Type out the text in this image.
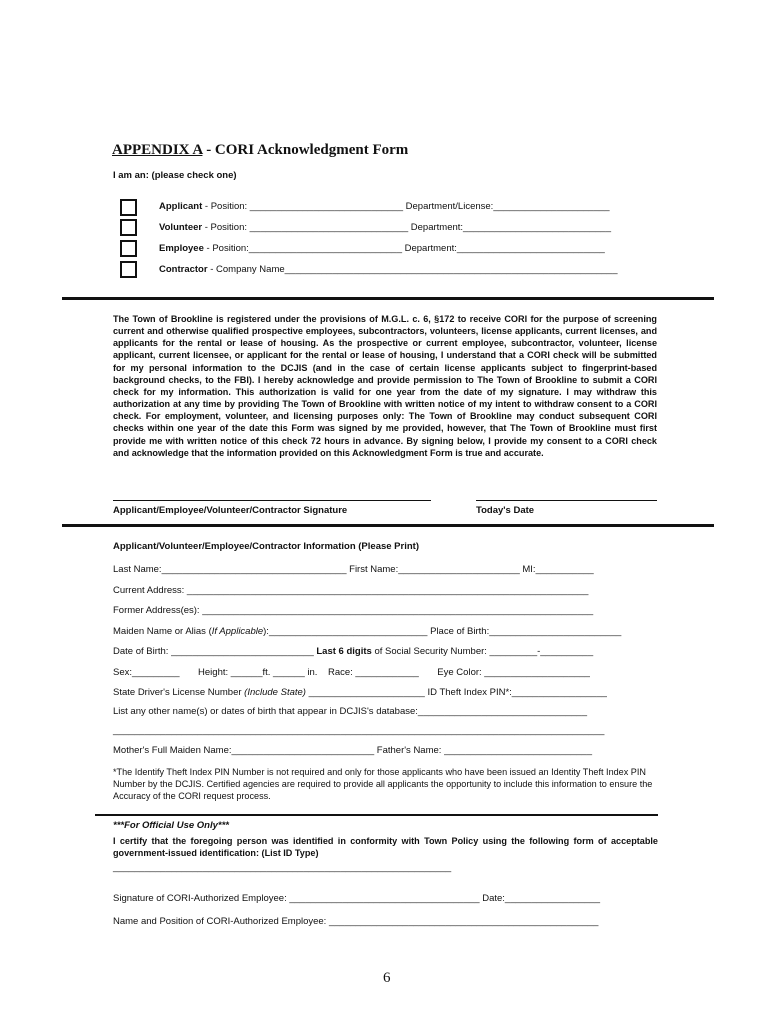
APPENDIX A - CORI Acknowledgment Form
I am an: (please check one)
Applicant - Position: _____________________________ Department/License:______________________
Volunteer - Position: ______________________________ Department:____________________________
Employee - Position:_____________________________ Department:____________________________
Contractor - Company Name_______________________________________________________________
The Town of Brookline is registered under the provisions of M.G.L. c. 6, §172 to receive CORI for the purpose of screening current and otherwise qualified prospective employees, subcontractors, volunteers, license applicants, current licenses, and applicants for the rental or lease of housing. As the prospective or current employee, subcontractor, volunteer, license applicant, current licensee, or applicant for the rental or lease of housing, I understand that a CORI check will be submitted for my personal information to the DCJIS (and in the case of certain license applicants subject to fingerprint-based background checks, to the FBI). I hereby acknowledge and provide permission to The Town of Brookline to submit a CORI check for my information. This authorization is valid for one year from the date of my signature. I may withdraw this authorization at any time by providing The Town of Brookline with written notice of my intent to withdraw consent to a CORI check. For employment, volunteer, and licensing purposes only: The Town of Brookline may conduct subsequent CORI checks within one year of the date this Form was signed by me provided, however, that The Town of Brookline must first provide me with written notice of this check 72 hours in advance. By signing below, I provide my consent to a CORI check and acknowledge that the information provided on this Acknowledgment Form is true and accurate.
Applicant/Employee/Volunteer/Contractor Signature	Today's Date
Applicant/Volunteer/Employee/Contractor Information (Please Print)
Last Name:___________________________________ First Name:_______________________ MI:___________
Current Address: ____________________________________________________________________________
Former Address(es): __________________________________________________________________________
Maiden Name or Alias (If Applicable):______________________________ Place of Birth:_________________________
Date of Birth: ___________________________ Last 6 digits of Social Security Number: _________-__________
Sex:_________       Height: ______ft. ______ in.    Race: ____________       Eye Color: ____________________
State Driver's License Number (Include State) ______________________ ID Theft Index PIN*:__________________
List any other name(s) or dates of birth that appear in DCJIS's database:________________________________
_____________________________________________________________________________________________
Mother's Full Maiden Name:___________________________ Father's Name: ____________________________
*The Identify Theft Index PIN Number is not required and only for those applicants who have been issued an Identity Theft Index PIN Number by the DCJIS. Certified agencies are required to provide all applicants the opportunity to include this information to ensure the Accuracy of the CORI request process.
***For Official Use Only***
I certify that the foregoing person was identified in conformity with Town Policy using the following form of acceptable government-issued identification: (List ID Type)
________________________________________________________________
Signature of CORI-Authorized Employee: ____________________________________ Date:__________________
Name and Position of CORI-Authorized Employee: ___________________________________________________
6
